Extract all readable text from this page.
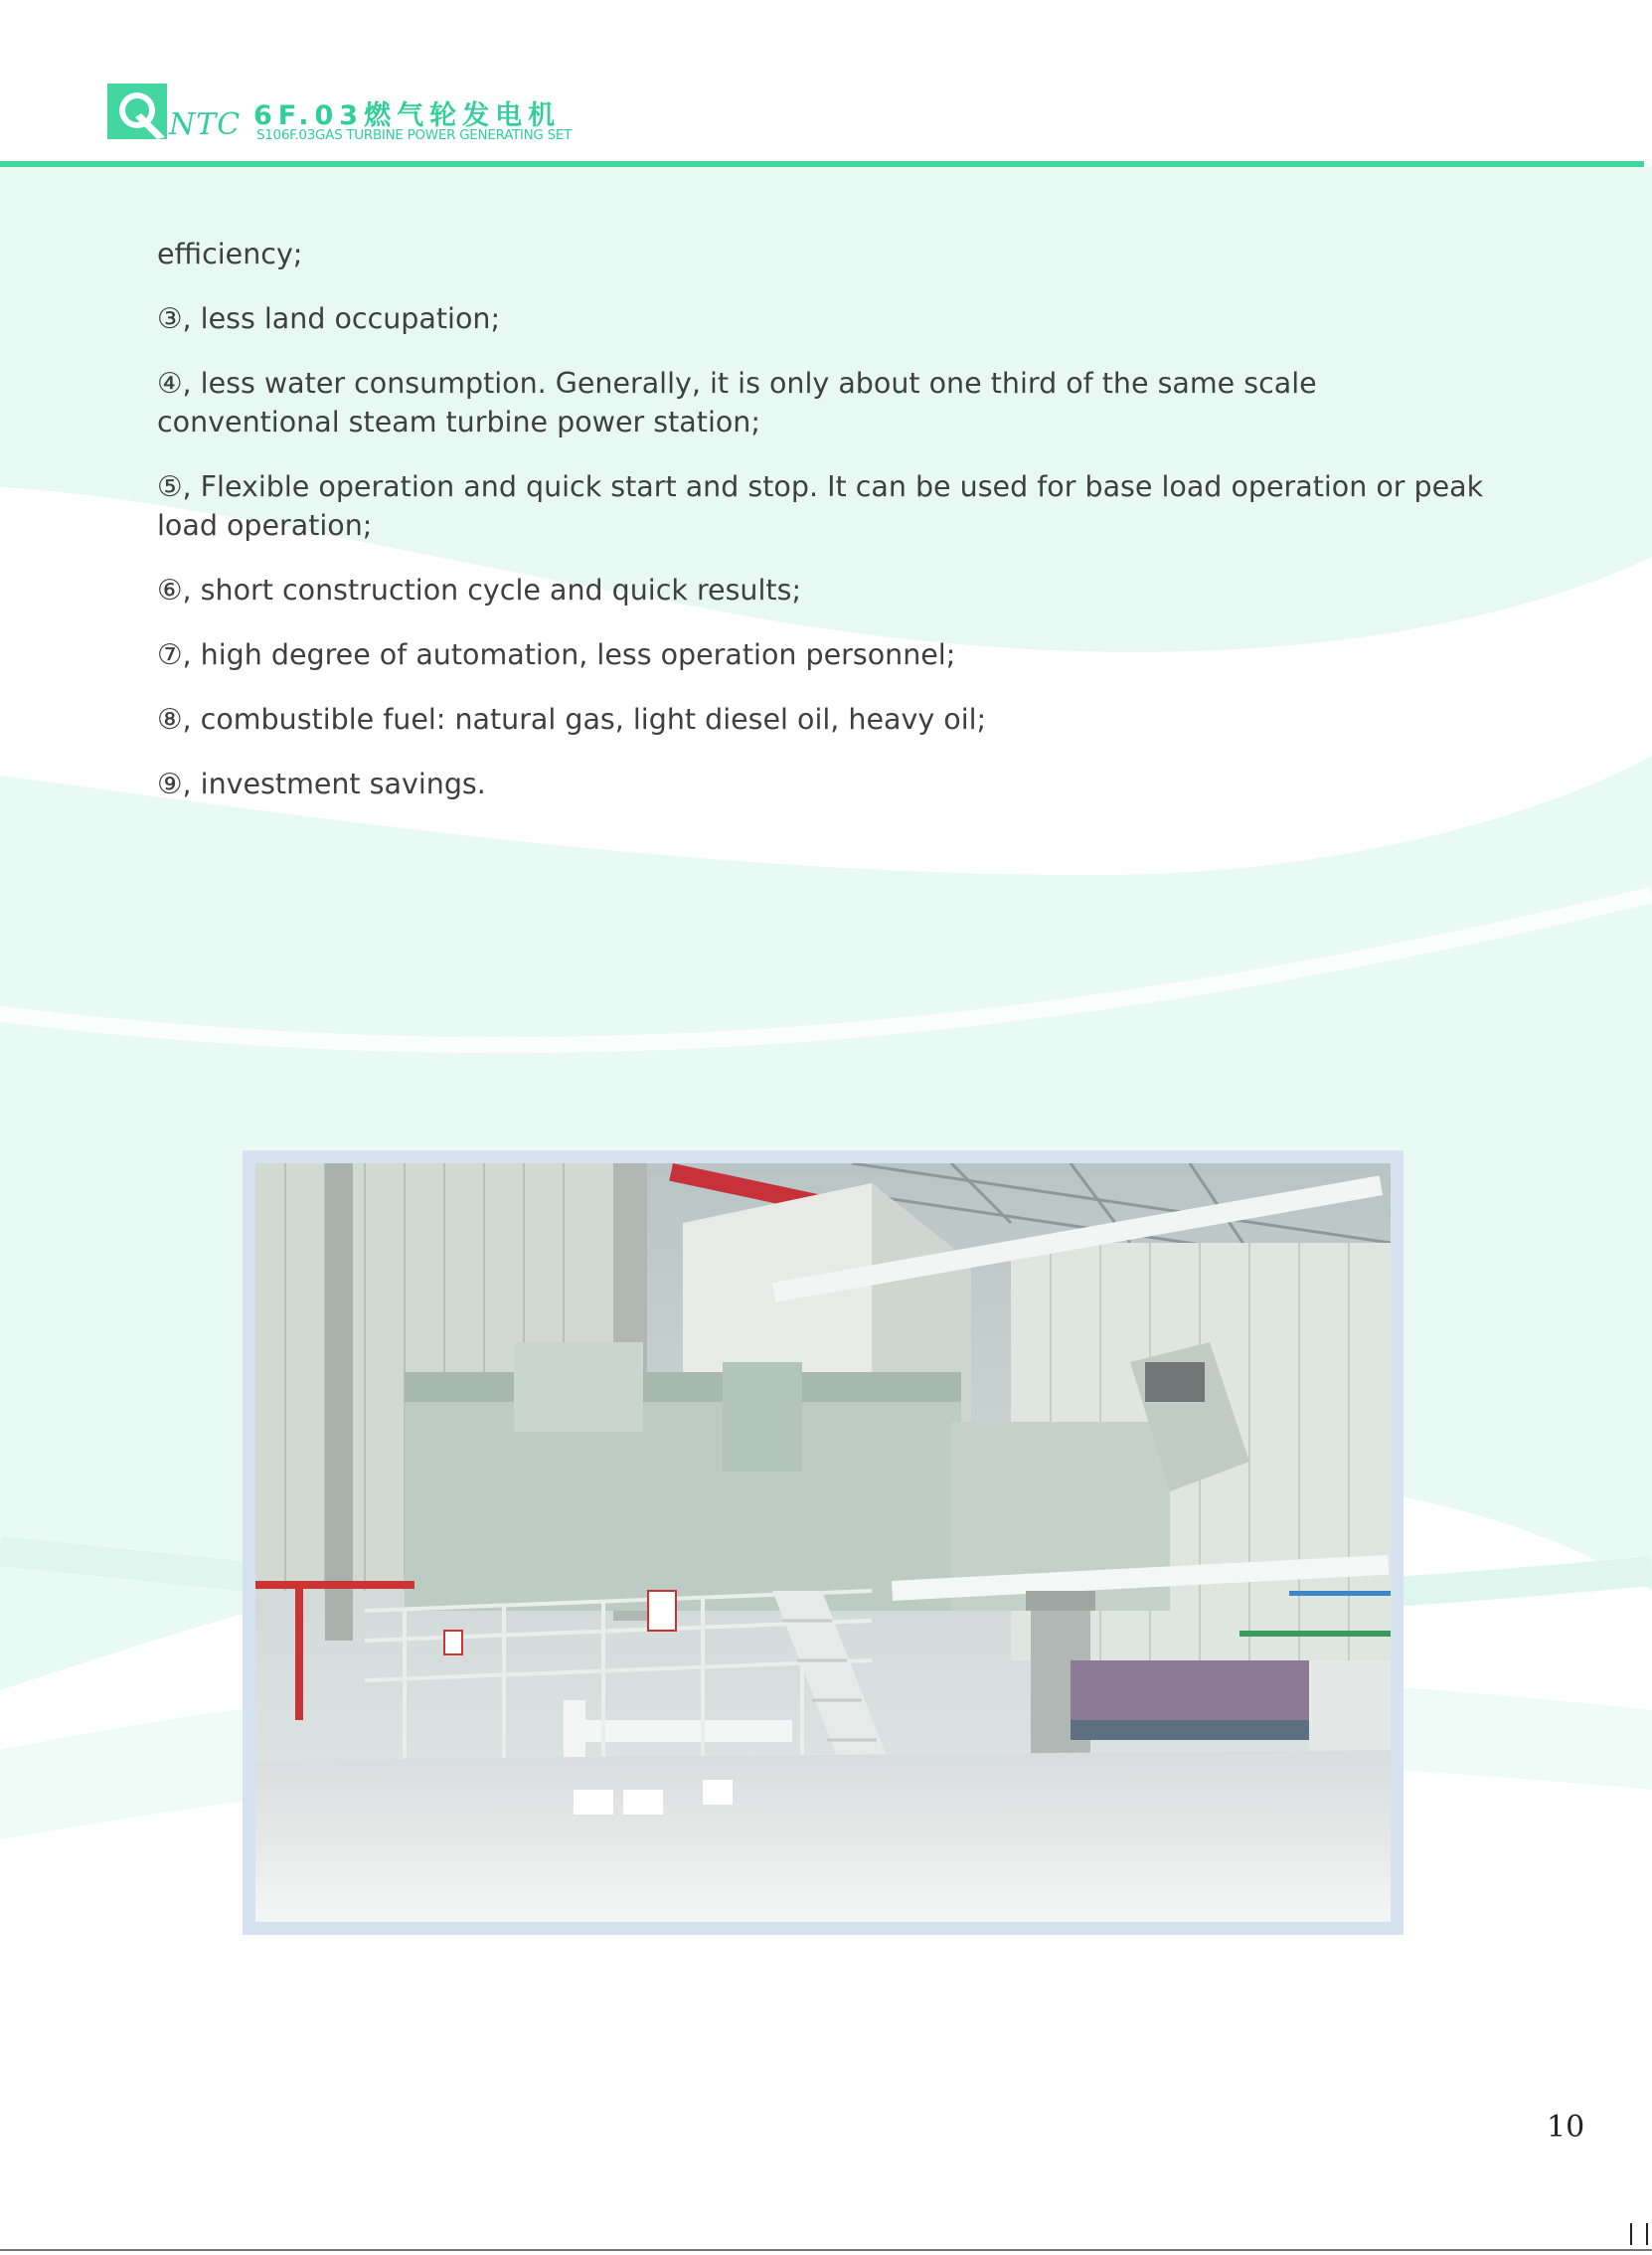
NTC 6F.03燃气轮发电机
S106F.03GAS TURBINE POWER GENERATING SET

efficiency;

③, less land occupation;

④, less water consumption. Generally, it is only about one third of the same scale conventional steam turbine power station;

⑤, Flexible operation and quick start and stop. It can be used for base load operation or peak load operation;

⑥, short construction cycle and quick results;

⑦, high degree of automation, less operation personnel;

⑧, combustible fuel: natural gas, light diesel oil, heavy oil;

⑨, investment savings.

10
